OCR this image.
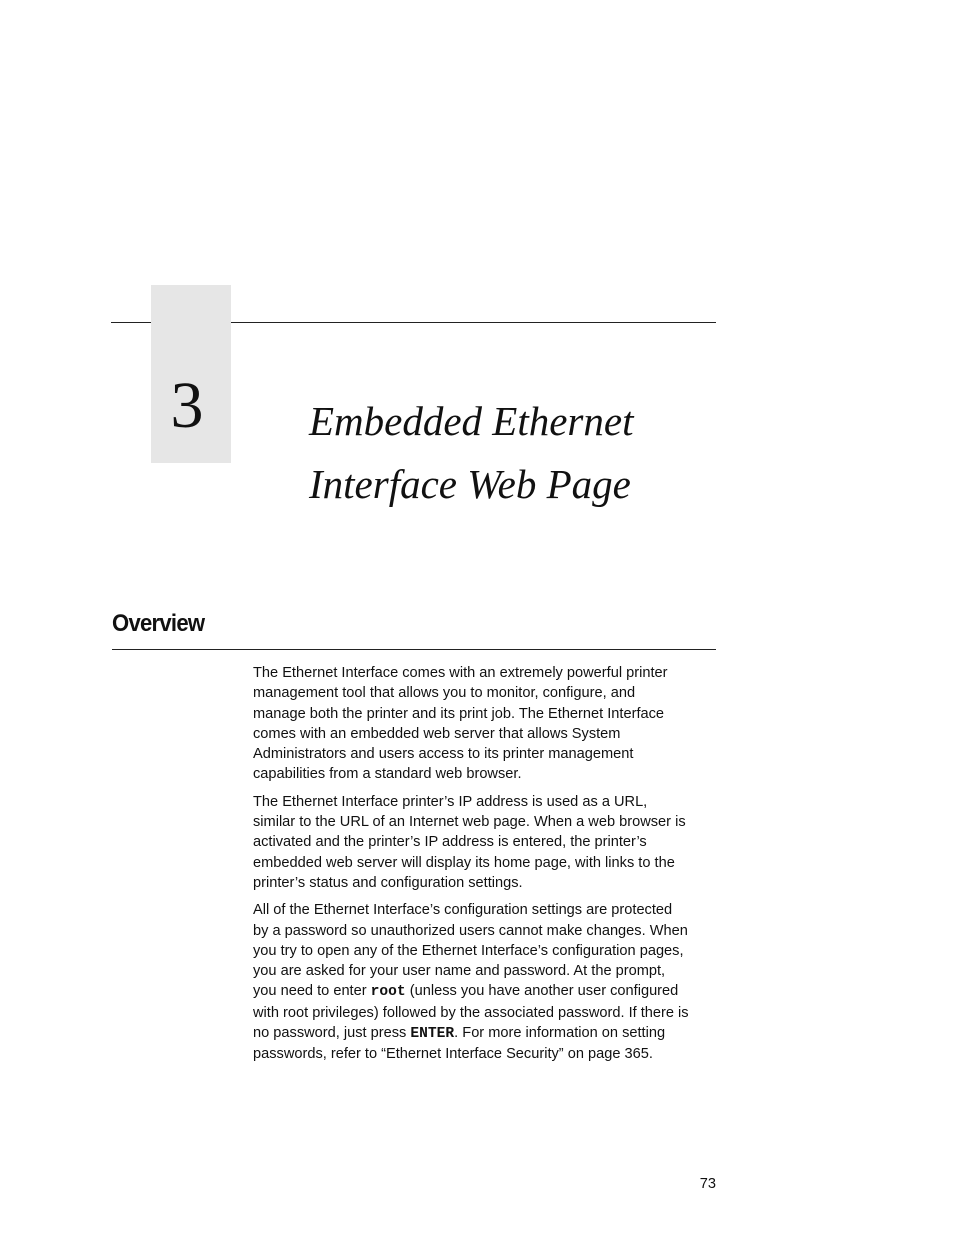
3	Embedded Ethernet
Interface Web Page
Overview

The Ethernet Interface comes with an extremely powerful printer
management tool that allows you to monitor, configure, and
manage both the printer and its print job. The Ethernet Interface
comes with an embedded web server that allows System
Administrators and users access to its printer management
capabilities from a standard web browser.

The Ethernet Interface printer’s IP address is used as a URL,
similar to the URL of an Internet web page. When a web browser is
activated and the printer’s IP address is entered, the printer’s
embedded web server will display its home page, with links to the
printer’s status and configuration settings.

All of the Ethernet Interface’s configuration settings are protected
by a password so unauthorized users cannot make changes. When
you try to open any of the Ethernet Interface’s configuration pages,
you are asked for your user name and password. At the prompt,
you need to enter root (unless you have another user configured
with root privileges) followed by the associated password. If there is
no password, just press ENTER. For more information on setting
passwords, refer to “Ethernet Interface Security” on page 365.

73
